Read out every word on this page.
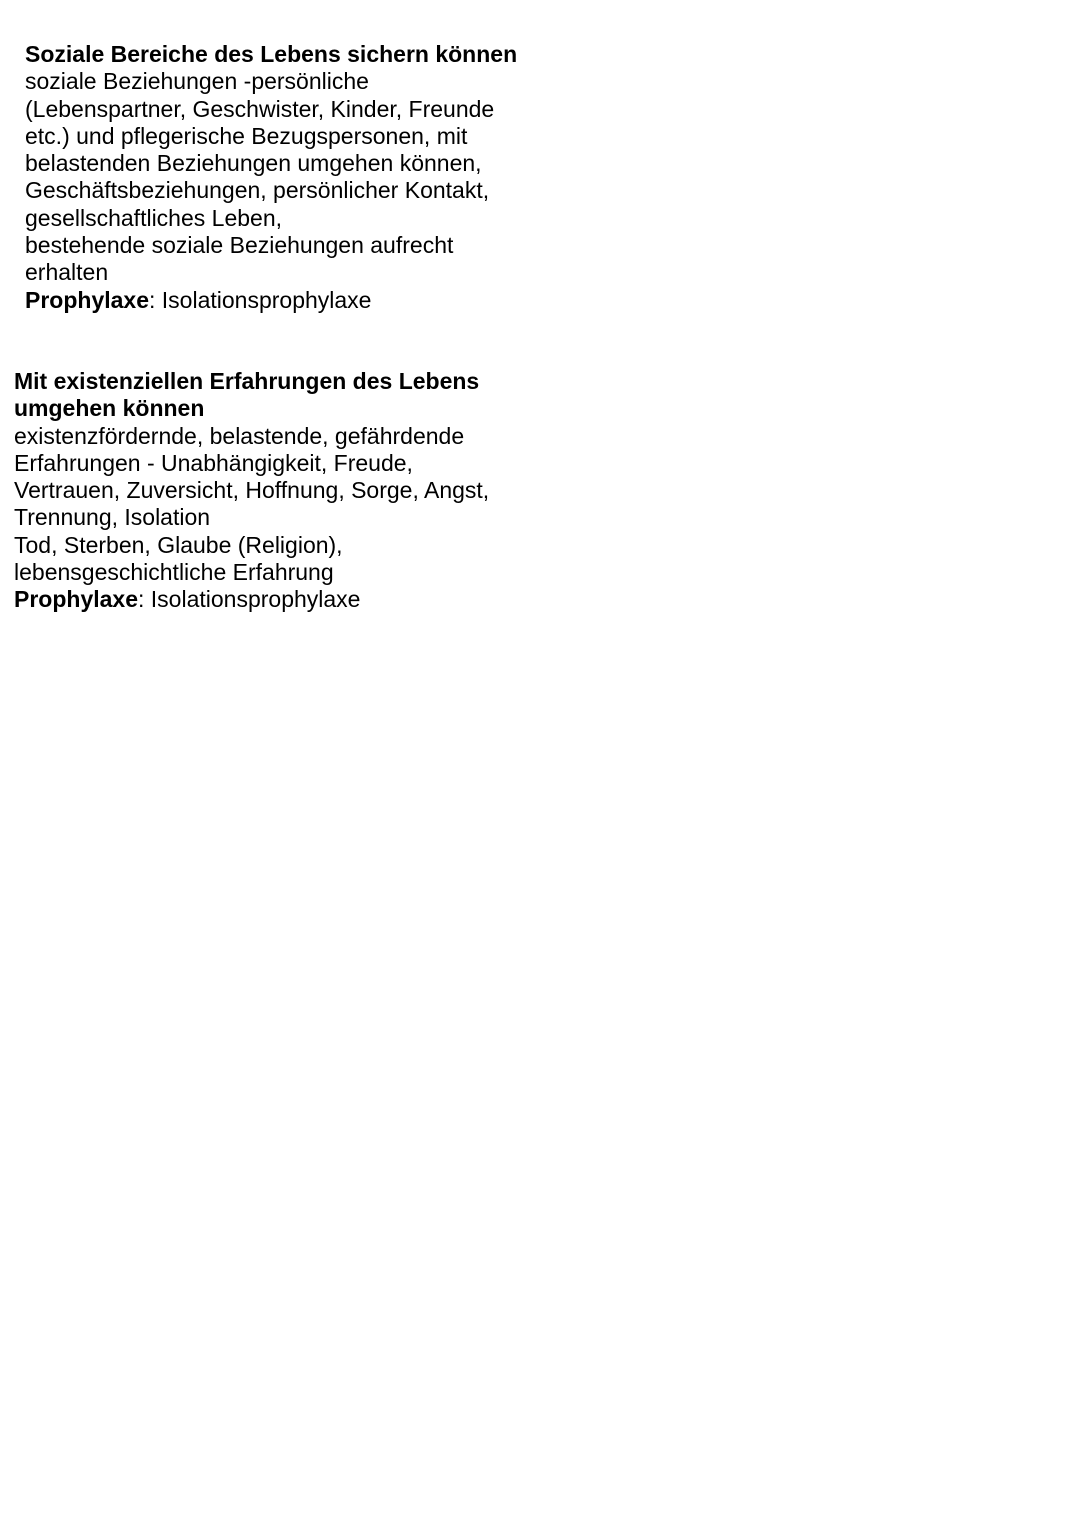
Soziale Bereiche des Lebens sichern können
soziale Beziehungen -persönliche
(Lebenspartner, Geschwister, Kinder, Freunde
etc.) und pflegerische Bezugspersonen, mit
belastenden Beziehungen umgehen können,
Geschäftsbeziehungen, persönlicher Kontakt,
gesellschaftliches Leben,
bestehende soziale Beziehungen aufrecht
erhalten
Prophylaxe: Isolationsprophylaxe
Mit existenziellen Erfahrungen des Lebens
umgehen können
existenzfördernde, belastende, gefährdende
Erfahrungen - Unabhängigkeit, Freude,
Vertrauen, Zuversicht, Hoffnung, Sorge, Angst,
Trennung, Isolation
Tod, Sterben, Glaube (Religion),
lebensgeschichtliche Erfahrung
Prophylaxe: Isolationsprophylaxe
